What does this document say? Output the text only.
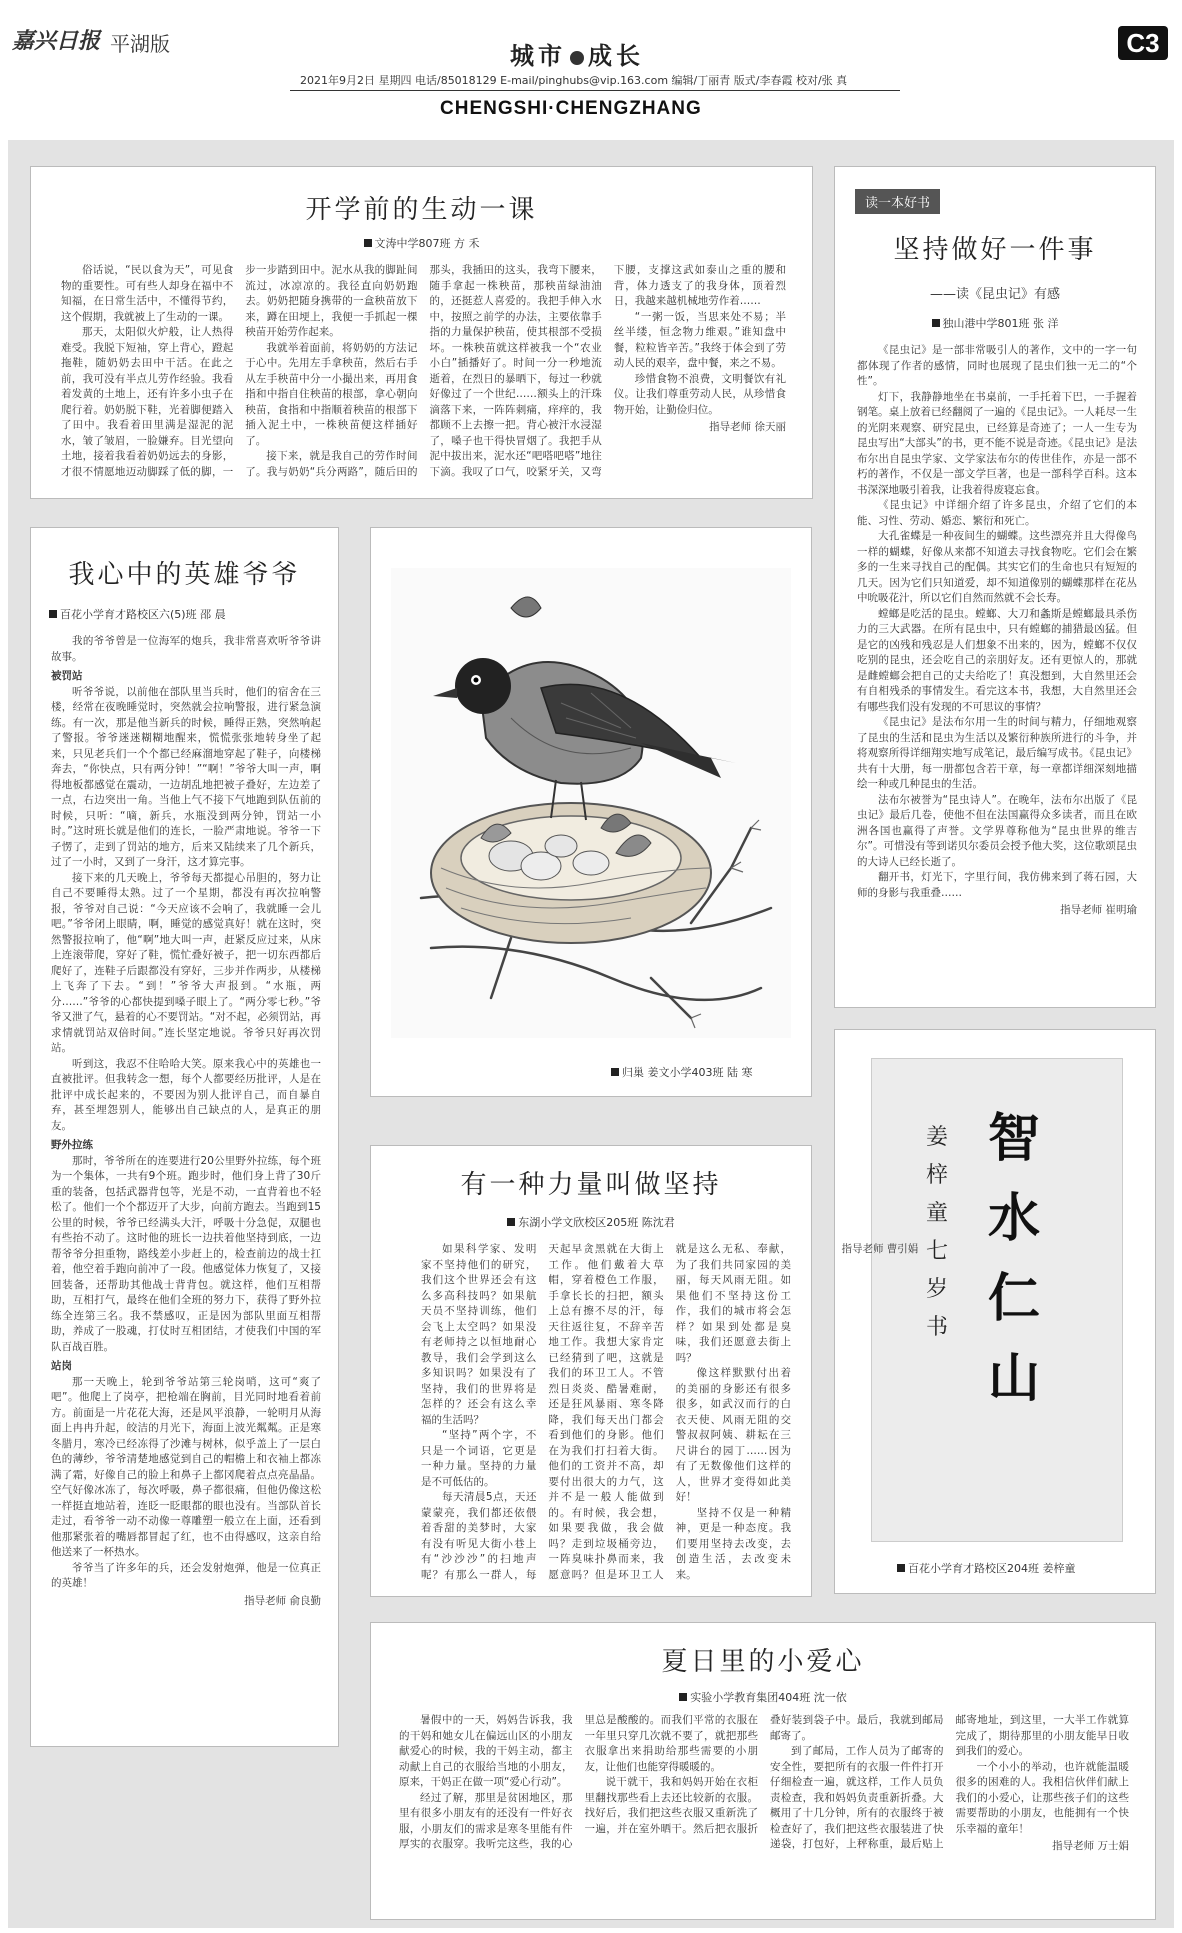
嘉兴日报 平湖版	城市 成长
2021年9月2日 星期四 电话/85018129 E-mail/pinghubs@vip.163.com 编辑/丁丽青 版式/李春霞 校对/张 真
CHENGSHI·CHENGZHANG
C3
开学前的生动一课
文涛中学807班 方 禾

俗话说，“民以食为天”，可见食物的重要性。可有些人却身在福中不知福，在日常生活中，不懂得节约，这个假期，我就被上了生动的一课。

那天，太阳似火炉般，让人热得难受。我脱下短袖，穿上背心，蹬起拖鞋，随奶奶去田中干活。在此之前，我可没有半点儿劳作经验。我看着发黄的土地上，还有许多小虫子在爬行着。奶奶脱下鞋，光着脚便踏入了田中。我看着田里满是湿泥的泥水，皱了皱眉，一脸嫌弃。目光望向土地，接着我看着奶奶远去的身影，才很不情愿地迈动脚踩了低的脚，一步一步踏到田中。泥水从我的脚趾间流过，冰凉凉的。我径直向奶奶跑去。奶奶把随身携带的一盒秧苗放下来，蹲在田埂上，我便一手抓起一棵秧苗开始劳作起来。

我就举着面前，将奶奶的方法记于心中。先用左手拿秧苗，然后右手从左手秧苗中分一小撮出来，再用食指和中指自住秧苗的根部，拿心朝向秧苗，食指和中指顺着秧苗的根部下插入泥土中，一株秧苗便这样插好了。

接下来，就是我自己的劳作时间了。我与奶奶“兵分两路”，随后田的那头，我插田的这头，我弯下腰来，随手拿起一株秧苗，那秧苗绿油油的，还挺惹人喜爱的。我把手伸入水中，按照之前学的办法，主要依靠手指的力量保护秧苗，使其根部不受损坏。一株秧苗就这样被我一个“农业小白”插播好了。时间一分一秒地流逝着，在烈日的暴晒下，每过一秒就好像过了一个世纪……额头上的汗珠滴落下来，一阵阵刺痛，痒痒的，我都顾不上去擦一把。背心被汗水浸湿了，嗓子也干得快冒烟了。我把手从泥中拔出来，泥水还“吧嗒吧嗒”地往下滴。我叹了口气，咬紧牙关，又弯下腰，支撑这武如泰山之重的腰和背，体力透支了的我身体，顶着烈日，我越来越机械地劳作着……

“一粥一饭，当思来处不易；半丝半缕，恒念物力维艰。”谁知盘中餐，粒粒皆辛苦。”我终于体会到了劳动人民的艰辛，盘中餐，来之不易。

珍惜食物不浪费，文明餐饮有礼仪。让我们尊重劳动人民，从珍惜食物开始，让勤俭归位。

指导老师 徐天丽
读一本好书
坚持做好一件事
——读《昆虫记》有感
独山港中学801班 张 洋

《昆虫记》是一部非常吸引人的著作，文中的一字一句都体现了作者的感情，同时也展现了昆虫们独一无二的“个性”。

灯下，我静静地坐在书桌前，一手托着下巴，一手握着钢笔。桌上放着已经翻阅了一遍的《昆虫记》。一人耗尽一生的光阴来观察、研究昆虫，已经算是奇迹了；一人一生专为昆虫写出“大部头”的书，更不能不说是奇迹。《昆虫记》是法布尔出自昆虫学家、文学家法布尔的传世佳作，亦是一部不朽的著作，不仅是一部文学巨著，也是一部科学百科。这本书深深地吸引着我，让我着得废寝忘食。

《昆虫记》中详细介绍了许多昆虫，介绍了它们的本能、习性、劳动、婚恋、繁衍和死亡。

大孔雀蝶是一种夜间生的蝴蝶。这些漂亮并且大得像鸟一样的蝴蝶，好像从来都不知道去寻找食物吃。它们会在繁多的一生来寻找自己的配偶。其实它们的生命也只有短短的几天。因为它们只知道爱，却不知道像别的蝴蝶那样在花丛中吮吸花汁，所以它们自然而然就不会长寿。

螳螂是吃活的昆虫。螳螂、大刀和螽斯是螳螂最具杀伤力的三大武器。在所有昆虫中，只有螳螂的捕猎最凶猛。但是它的凶残和残忍是人们想象不出来的，因为，螳螂不仅仅吃别的昆虫，还会吃自己的亲朋好友。还有更惊人的，那就是雌螳螂会把自己的丈夫给吃了！真没想到，大自然里还会有自相残杀的事情发生。看完这本书，我想，大自然里还会有哪些我们没有发现的不可思议的事情？

《昆虫记》是法布尔用一生的时间与精力，仔细地观察了昆虫的生活和昆虫为生活以及繁衍种族所进行的斗争，并将观察所得详细翔实地写成笔记，最后编写成书。《昆虫记》共有十大册，每一册都包含若干章，每一章都详细深刻地描绘一种或几种昆虫的生活。

法布尔被誉为“昆虫诗人”。在晚年，法布尔出版了《昆虫记》最后几卷，使他不但在法国赢得众多读者，而且在欧洲各国也赢得了声誉。文学界尊称他为“昆虫世界的维吉尔”。可惜没有等到诺贝尔委员会授予他大奖，这位歌颂昆虫的大诗人已经长逝了。

翻开书，灯光下，字里行间，我仿佛来到了蒋石园，大师的身影与我重叠……

指导老师 崔明瑜
我心中的英雄爷爷
百花小学育才路校区六(5)班 邵 晨

我的爷爷曾是一位海军的炮兵，我非常喜欢听爷爷讲故事。

被罚站

听爷爷说，以前他在部队里当兵时，他们的宿舍在三楼，经常在夜晚睡觉时，突然就会拉响警报，进行紧急演练。有一次，那是他当新兵的时候，睡得正熟，突然响起了警报。爷爷迷迷糊糊地醒来，慌慌张张地转身坐了起来，只见老兵们一个个都已经麻溜地穿起了鞋子，向楼梯奔去，“你快点，只有两分钟！”“啊！”爷爷大叫一声，啊得地板都感觉在震动，一边胡乱地把被子叠好，左边差了一点，右边突出一角。当他上气不接下气地跑到队伍前的时候，只听：“嘀，新兵，水瓶没到两分钟，罚站一小时。”这时班长就是他们的连长，一脸严肃地说。爷爷一下子愣了，走到了罚站的地方，后来又陆续来了几个新兵，过了一小时，又到了一身汗，这才算完事。

接下来的几天晚上，爷爷每天都提心吊胆的，努力让自己不要睡得太熟。过了一个星期，都没有再次拉响警报，爷爷对自己说：“今天应该不会响了，我就睡一会儿吧。”爷爷闭上眼睛，啊，睡觉的感觉真好！就在这时，突然警报拉响了，他“啊”地大叫一声，赶紧反应过来，从床上连滚带爬，穿好了鞋，慌忙叠好被子，把一切东西都后爬好了，连鞋子后跟都没有穿好，三步并作两步，从楼梯上飞奔了下去。“到！”爷爷大声报到。“水瓶，两分……”爷爷的心都快提到嗓子眼上了。“两分零七秒。”爷爷又泄了气，悬着的心不要罚站。“对不起，必须罚站，再求情就罚站双倍时间。”连长坚定地说。爷爷只好再次罚站。

听到这，我忍不住哈哈大笑。原来我心中的英雄也一直被批评。但我转念一想，每个人都要经历批评，人是在批评中成长起来的，不要因为别人批评自己，而自暴自弃，甚至埋怨别人，能够出自己缺点的人，是真正的朋友。

野外拉练

那时，爷爷所在的连要进行20公里野外拉练，每个班为一个集体，一共有9个班。跑步时，他们身上背了30斤重的装备，包括武器背包等，光是不动，一直背着也不轻松了。他们一个个都迈开了大步，向前方跑去。当跑到15公里的时候，爷爷已经满头大汗，呼吸十分急促，双腿也有些抬不动了。这时他的班长一边扶着他坚持到底，一边帮爷爷分担重物，路线差小步赶上的，检查前边的战士扛着，他空着手跑向前冲了一段。他感觉体力恢复了，又接回装备，还帮助其他战士背背包。就这样，他们互相帮助，互相打气，最终在他们全班的努力下，获得了野外拉练全连第三名。我不禁感叹，正是因为部队里面互相帮助，养成了一股魂，打仗时互相团结，才使我们中国的军队百战百胜。

站岗

那一天晚上，轮到爷爷站第三轮岗哨，这可“爽了吧”。他爬上了岗亭，把枪端在胸前，目光同时地看着前方。前面是一片花花大海，还是风平浪静，一轮明月从海面上冉冉升起，皎洁的月光下，海面上波光粼粼。正是寒冬腊月，寒冷已经冻得了沙滩与树林，似乎盖上了一层白色的薄纱，爷爷清楚地感觉到自己的帽檐上和衣袖上都冻满了霜，好像自己的脸上和鼻子上都冈爬着点点亮晶晶。空气好像冰冻了，每次呼吸，鼻子都很痛，但他仍像这松一样挺直地站着，连眨一眨眼都的眼也没有。当部队首长走过，看爷爷一动不动像一尊雕塑一般立在上面，还看到他那紧张着的嘴唇都冒起了红，也不由得感叹，这亲自给他送来了一杯热水。

爷爷当了许多年的兵，还会发射炮弹，他是一位真正的英雄！

指导老师 俞良勤
归巢 姜文小学403班 陆 寒
智水仁山
姜梓童七岁书
百花小学育才路校区204班 姜梓童
有一种力量叫做坚持
东湖小学文欣校区205班 陈沈君

如果科学家、发明家不坚持他们的研究，我们这个世界还会有这么多高科技吗？如果航天员不坚持训练，他们会飞上太空吗？如果没有老师持之以恒地耐心教导，我们会学到这么多知识吗？如果没有了坚持，我们的世界将是怎样的？还会有这么幸福的生活吗？

“坚持”两个字，不只是一个词语，它更是一种力量。坚持的力量是不可低估的。

每天清晨5点，天还蒙蒙亮，我们都还依偎着香甜的美梦时，大家有没有听见大街小巷上有“沙沙沙”的扫地声呢？有那么一群人，每天起早贪黑就在大街上工作。他们戴着大草帽，穿着橙色工作服，手拿长长的扫把，额头上总有擦不尽的汗，每天往返往复，不辞辛苦地工作。我想大家肯定已经猜到了吧，这就是我们的环卫工人。不管烈日炎炎、酷暑难耐，还是狂风暴雨、寒冬降降，我们每天出门都会看到他们的身影。他们在为我们打扫着大街。他们的工资并不高，却要付出很大的力气，这并不是一般人能做到的。有时候，我会想，如果要我做，我会做吗？走到垃圾桶旁边，一阵臭味扑鼻而来，我愿意吗？但是环卫工人就是这么无私、奉献，为了我们共同家园的美丽，每天风雨无阻。如果他们不坚持这份工作，我们的城市将会怎样？如果到处都是臭味，我们还愿意去街上吗？

像这样默默付出着的美丽的身影还有很多很多，如武汉而行的白衣天使、风雨无阻的交警叔叔阿姨、耕耘在三尺讲台的园丁……因为有了无数像他们这样的人，世界才变得如此美好！

坚持不仅是一种精神，更是一种态度。我们要用坚持去改变，去创造生活，去改变未来。

指导老师 曹引娟
夏日里的小爱心
实验小学教育集团404班 沈一依

暑假中的一天，妈妈告诉我，我的干妈和她女儿在偏远山区的小朋友献爱心的时候，我的干妈主动，都主动献上自己的衣服给当地的小朋友，原来，干妈正在做一项“爱心行动”。

经过了解，那里是贫困地区，那里有很多小朋友有的还没有一件好衣服，小朋友们的需求是寒冬里能有件厚实的衣服穿。我听完这些，我的心里总是酸酸的。而我们平常的衣服在一年里只穿几次就不要了，就把那些衣服拿出来捐助给那些需要的小朋友，让他们也能穿得暖暖的。

说干就干，我和妈妈开始在衣柜里翻找那些看上去还比较新的衣服。找好后，我们把这些衣服又重新洗了一遍，并在室外晒干。然后把衣服折叠好装到袋子中。最后，我就到邮局邮寄了。

到了邮局，工作人员为了邮寄的安全性，要把所有的衣服一件件打开仔细检查一遍，就这样，工作人员负责检查，我和妈妈负责重新折叠。大概用了十几分钟，所有的衣服终于被检查好了，我们把这些衣服装进了快递袋，打包好，上秤称重，最后贴上邮寄地址，到这里，一大半工作就算完成了，期待那里的小朋友能早日收到我们的爱心。

一个小小的举动，也许就能温暖很多的困难的人。我相信伙伴们献上我们的小爱心，让那些孩子们的这些需要帮助的小朋友，也能拥有一个快乐幸福的童年！

指导老师 万士娟
